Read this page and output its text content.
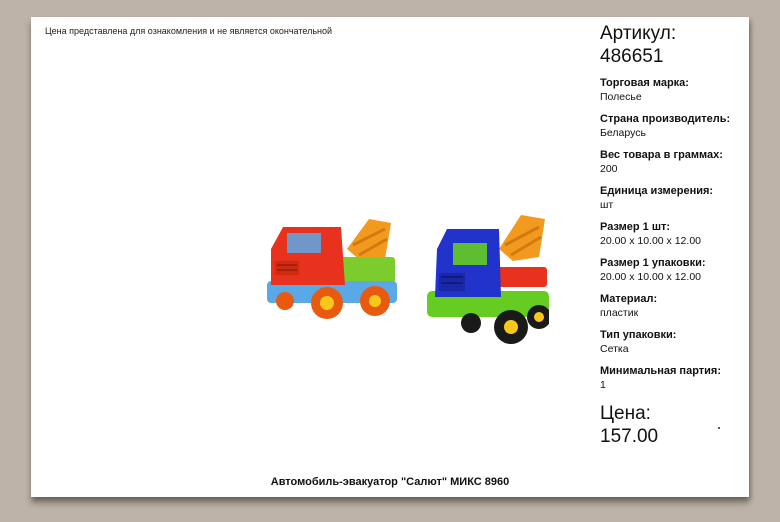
Цена представлена для ознакомления и не является окончательной	Артикул:
486651
Торговая марка:
Полесье
Страна производитель:
Беларусь
Вес товара в граммах:
200
Единица измерения:
шт
Размер 1 шт:
20.00 x 10.00 x 12.00
Размер 1 упаковки:
20.00 x 10.00 x 12.00
Материал:
пластик
Тип упаковки:
Сетка
Минимальная партия:
1
Цена:
157.00
Автомобиль-эвакуатор "Салют" МИКС 8960
